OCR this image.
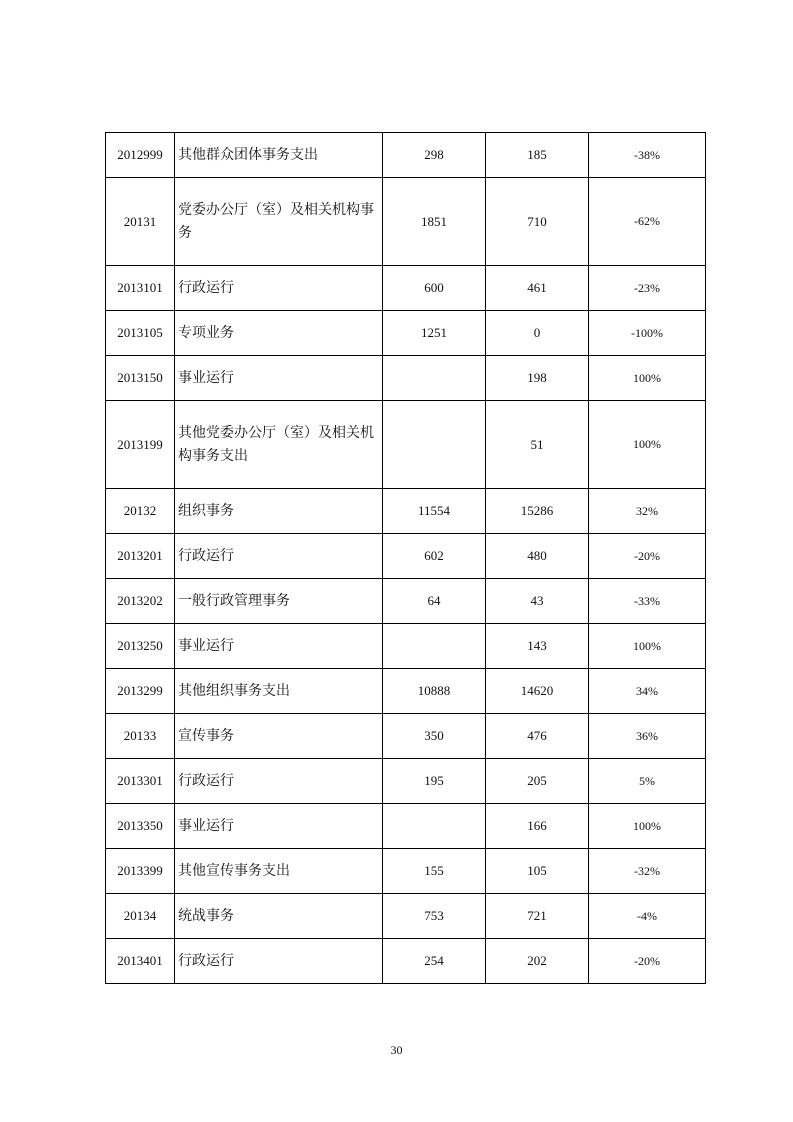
2012999	其他群众团体事务支出	298	185	-38%
20131	党委办公厅（室）及相关机构事务	1851	710	-62%
2013101	行政运行	600	461	-23%
2013105	专项业务	1251	0	-100%
2013150	事业运行		198	100%
2013199	其他党委办公厅（室）及相关机构事务支出		51	100%
20132	组织事务	11554	15286	32%
2013201	行政运行	602	480	-20%
2013202	一般行政管理事务	64	43	-33%
2013250	事业运行		143	100%
2013299	其他组织事务支出	10888	14620	34%
20133	宣传事务	350	476	36%
2013301	行政运行	195	205	5%
2013350	事业运行		166	100%
2013399	其他宣传事务支出	155	105	-32%
20134	统战事务	753	721	-4%
2013401	行政运行	254	202	-20%
30
